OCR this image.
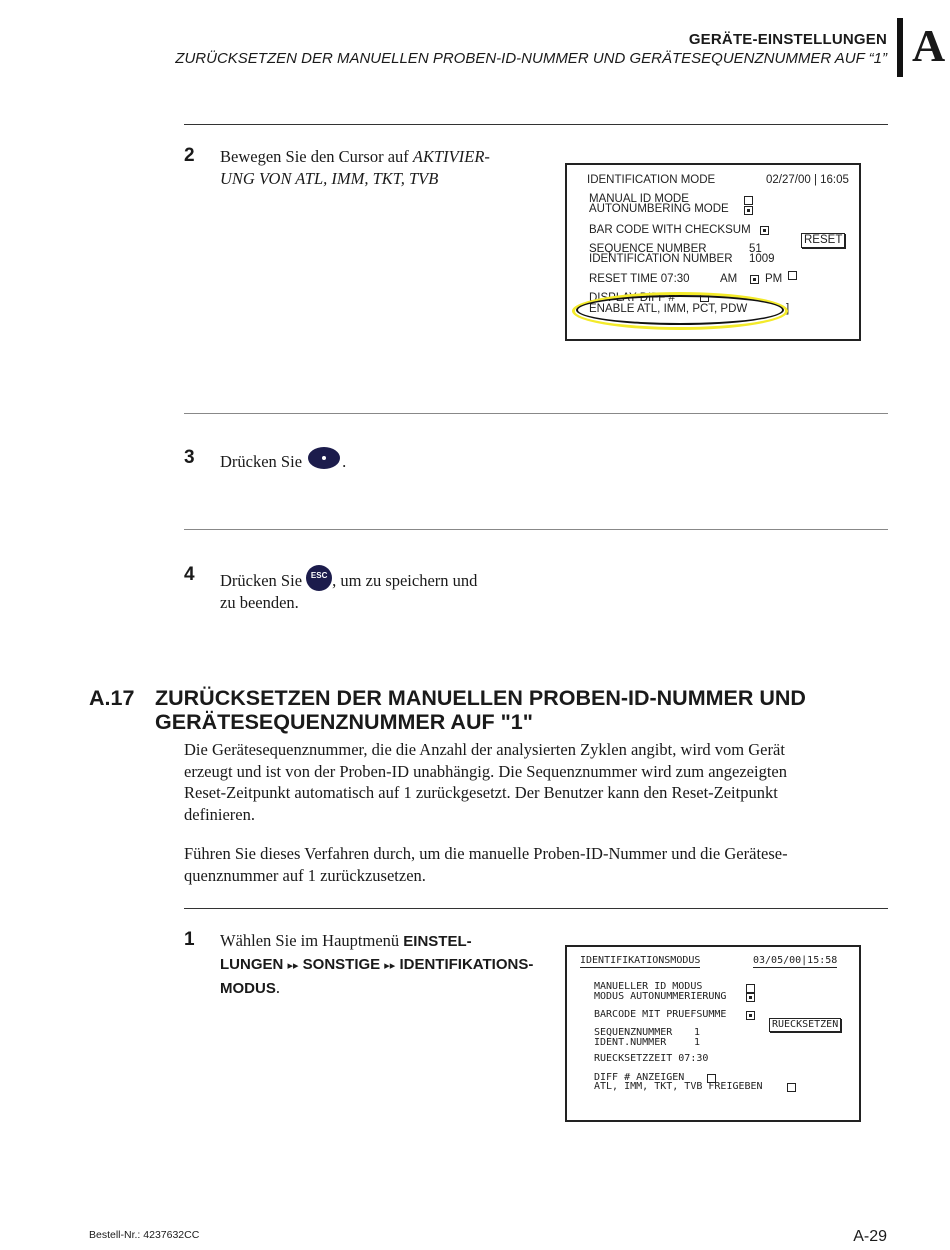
GERÄTE-EINSTELLUNGEN
ZURÜCKSETZEN DER MANUELLEN PROBEN-ID-NUMMER UND GERÄTESEQUENZNUMMER AUF “1” A
2 Bewegen Sie den Cursor auf AKTIVIER-
UNG VON ATL, IMM, TKT, TVB	IDENTIFICATION MODE	02/27/00 | 16:05
MANUAL ID MODE
AUTONUMBERING MODE
BAR CODE WITH CHECKSUM
SEQUENCE NUMBER	51
IDENTIFICATION NUMBER 1009
RESET
RESET TIME 07:30	AM PM
DISPLAY DIFF #
ENABLE ATL, IMM, PCT, PDW	]
3 Drücken Sie .
4 Drücken Sie ESC , um zu speichern und
zu beenden.
A.17 ZURÜCKSETZEN DER MANUELLEN PROBEN-ID-NUMMER UND
GERÄTESEQUENZNUMMER AUF "1"
Die Gerätesequenznummer, die die Anzahl der analysierten Zyklen angibt, wird vom Gerät
erzeugt und ist von der Proben-ID unabhängig. Die Sequenznummer wird zum angezeigten
Reset-Zeitpunkt automatisch auf 1 zurückgesetzt. Der Benutzer kann den Reset-Zeitpunkt
definieren.
Führen Sie dieses Verfahren durch, um die manuelle Proben-ID-Nummer und die Gerätese-
quenznummer auf 1 zurückzusetzen.
1 Wählen Sie im Hauptmenü EINSTEL-
LUNGEN ▸▸ SONSTIGE ▸▸ IDENTIFIKATIONS-
MODUS.
IDENTIFIKATIONSMODUS	03/05/00|15:58
MANUELLER ID MODUS
MODUS AUTONUMMERIERUNG
BARCODE MIT PRUEFSUMME
SEQUENZNUMMER 1
IDENT.NUMMER	1
RUECKSETZEN
RUECKSETZZEIT 07:30
DIFF # ANZEIGEN
ATL, IMM, TKT, TVB FREIGEBEN
Bestell-Nr.: 4237632CC	A-29
